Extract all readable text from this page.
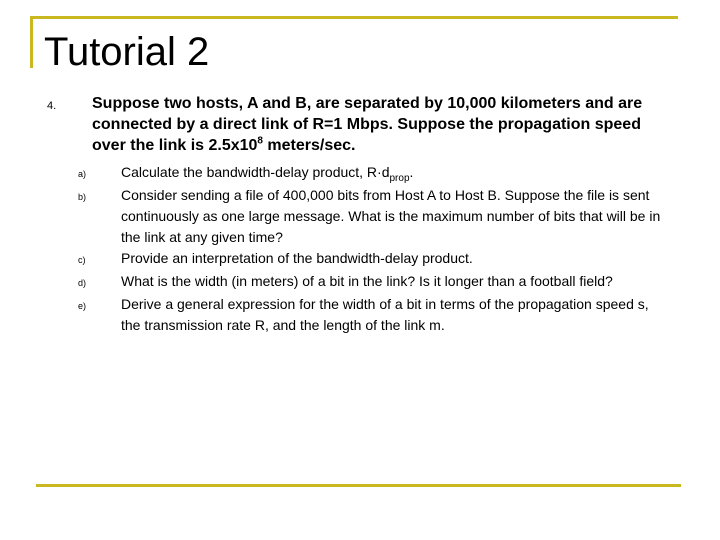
Tutorial 2
4. Suppose two hosts, A and B, are separated by 10,000 kilometers and are connected by a direct link of R=1 Mbps. Suppose the propagation speed over the link is $2.5x10^8$ meters/sec.
a)	Calculate the bandwidth-delay product, $R\cdot d_{prop}$.
b)	Consider sending a file of 400,000 bits from Host A to Host B. Suppose the file is sent continuously as one large message. What is the maximum number of bits that will be in the link at any given time?
c)	Provide an interpretation of the bandwidth-delay product.
d)	What is the width (in meters) of a bit in the link? Is it longer than a football field?
e)	Derive a general expression for the width of a bit in terms of the propagation speed s, the transmission rate R, and the length of the link m.
